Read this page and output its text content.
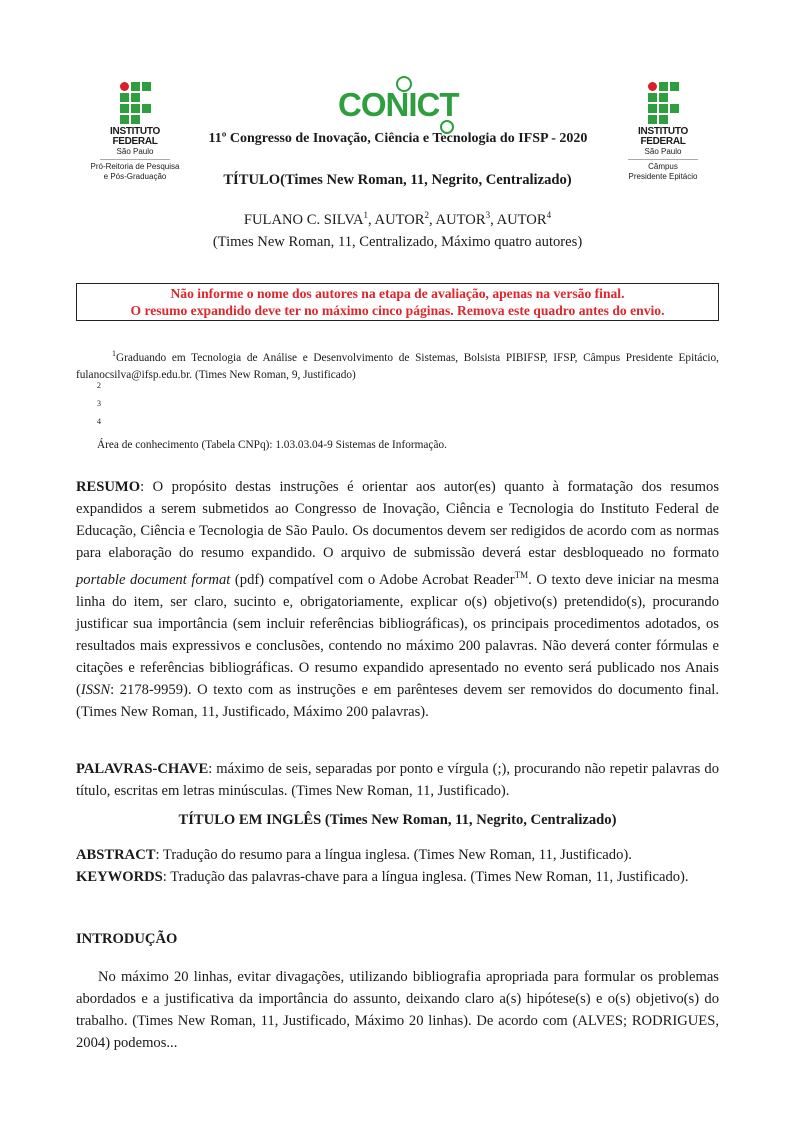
INSTITUTO
FEDERAL
São Paulo
Pró-Reitoria de Pesquisa
e Pós-Graduação
CONICT
11º Congresso de Inovação, Ciência e Tecnologia do IFSP - 2020	INSTITUTO
FEDERAL
São Paulo
Câmpus
Presidente Epitácio
TÍTULO(Times New Roman, 11, Negrito, Centralizado)
FULANO C. SILVA$^1$, AUTOR$^2$, AUTOR$^3$, AUTOR$^4$
(Times New Roman, 11, Centralizado, Máximo quatro autores)
Não informe o nome dos autores na etapa de avaliação, apenas na versão final.
O resumo expandido deve ter no máximo cinco páginas. Remova este quadro antes do envio.
$^1$Graduando em Tecnologia de Análise e Desenvolvimento de Sistemas, Bolsista PIBIFSP, IFSP, Câmpus Presidente Epitácio, fulanocsilva@ifsp.edu.br. (Times New Roman, 9, Justificado)
2
3
4
Área de conhecimento (Tabela CNPq): 1.03.03.04-9 Sistemas de Informação.
RESUMO: O propósito destas instruções é orientar aos autor(es) quanto à formatação dos resumos expandidos a serem submetidos ao Congresso de Inovação, Ciência e Tecnologia do Instituto Federal de Educação, Ciência e Tecnologia de São Paulo. Os documentos devem ser redigidos de acordo com as normas para elaboração do resumo expandido. O arquivo de submissão deverá estar desbloqueado no formato portable document format (pdf) compatível com o Adobe Acrobat Reader™. O texto deve iniciar na mesma linha do item, ser claro, sucinto e, obrigatoriamente, explicar o(s) objetivo(s) pretendido(s), procurando justificar sua importância (sem incluir referências bibliográficas), os principais procedimentos adotados, os resultados mais expressivos e conclusões, contendo no máximo 200 palavras. Não deverá conter fórmulas e citações e referências bibliográficas. O resumo expandido apresentado no evento será publicado nos Anais (ISSN: 2178-9959). O texto com as instruções e em parênteses devem ser removidos do documento final. (Times New Roman, 11, Justificado, Máximo 200 palavras).
PALAVRAS-CHAVE: máximo de seis, separadas por ponto e vírgula (;), procurando não repetir palavras do título, escritas em letras minúsculas. (Times New Roman, 11, Justificado).
TÍTULO EM INGLÊS (Times New Roman, 11, Negrito, Centralizado)
ABSTRACT: Tradução do resumo para a língua inglesa. (Times New Roman, 11, Justificado).
KEYWORDS: Tradução das palavras-chave para a língua inglesa. (Times New Roman, 11, Justificado).
INTRODUÇÃO
No máximo 20 linhas, evitar divagações, utilizando bibliografia apropriada para formular os problemas abordados e a justificativa da importância do assunto, deixando claro a(s) hipótese(s) e o(s) objetivo(s) do trabalho. (Times New Roman, 11, Justificado, Máximo 20 linhas). De acordo com (ALVES; RODRIGUES, 2004) podemos...
